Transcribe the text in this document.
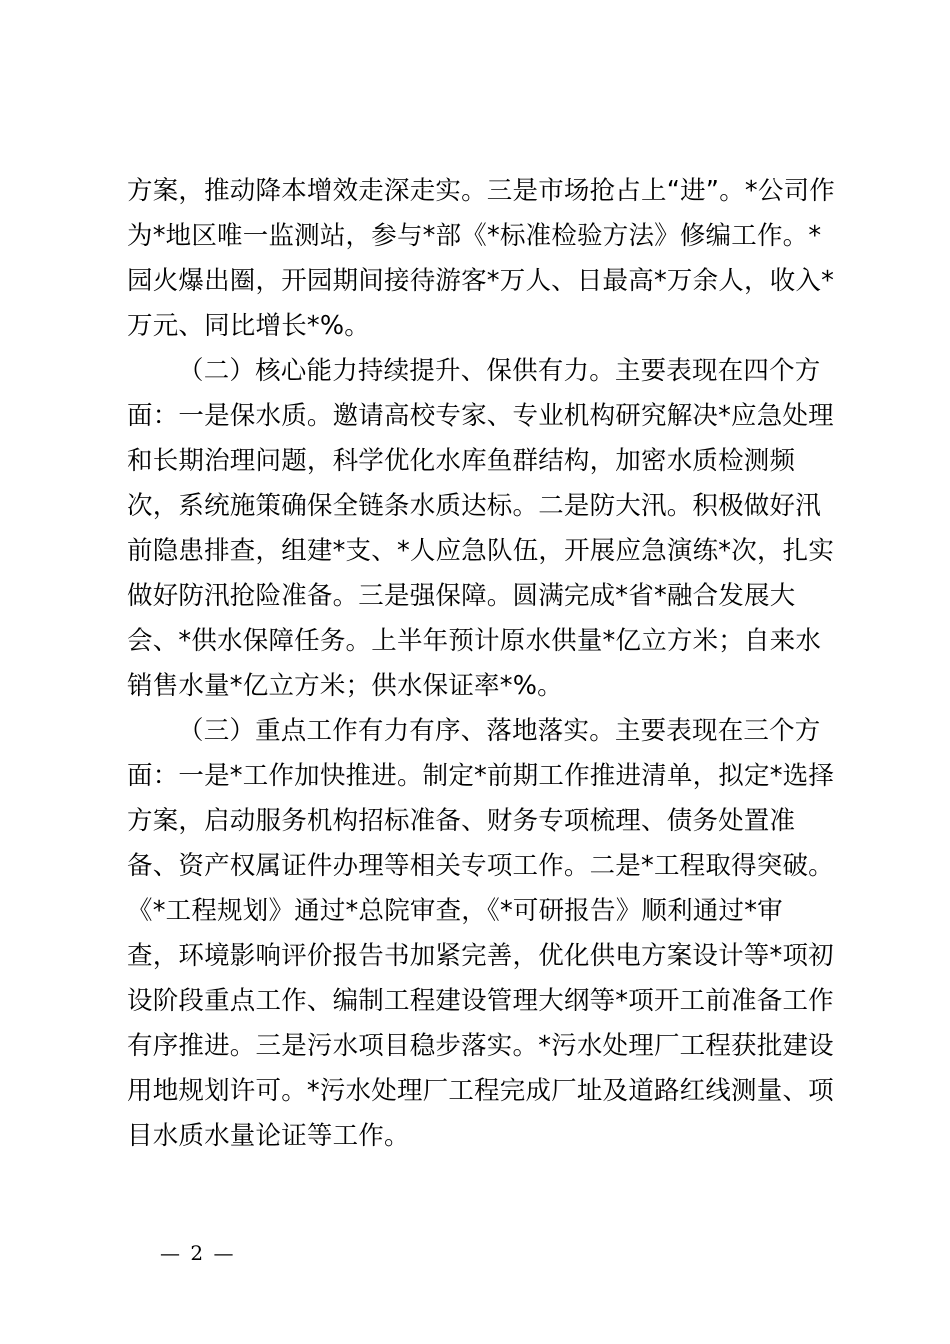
方案，推动降本增效走深走实。三是市场抢占上“进”。*公司作
为*地区唯一监测站，参与*部《*标准检验方法》修编工作。*
园火爆出圈，开园期间接待游客*万人、日最高*万余人，收入*
万元、同比增长*%。
（二）核心能力持续提升、保供有力。主要表现在四个方
面：一是保水质。邀请高校专家、专业机构研究解决*应急处理
和长期治理问题，科学优化水库鱼群结构，加密水质检测频
次，系统施策确保全链条水质达标。二是防大汛。积极做好汛
前隐患排查，组建*支、*人应急队伍，开展应急演练*次，扎实
做好防汛抢险准备。三是强保障。圆满完成*省*融合发展大
会、*供水保障任务。上半年预计原水供量*亿立方米；自来水
销售水量*亿立方米；供水保证率*%。
（三）重点工作有力有序、落地落实。主要表现在三个方
面：一是*工作加快推进。制定*前期工作推进清单，拟定*选择
方案，启动服务机构招标准备、财务专项梳理、债务处置准
备、资产权属证件办理等相关专项工作。二是*工程取得突破。
《*工程规划》通过*总院审查，《*可研报告》顺利通过*审
查，环境影响评价报告书加紧完善，优化供电方案设计等*项初
设阶段重点工作、编制工程建设管理大纲等*项开工前准备工作
有序推进。三是污水项目稳步落实。*污水处理厂工程获批建设
用地规划许可。*污水处理厂工程完成厂址及道路红线测量、项
目水质水量论证等工作。
— 2 —
